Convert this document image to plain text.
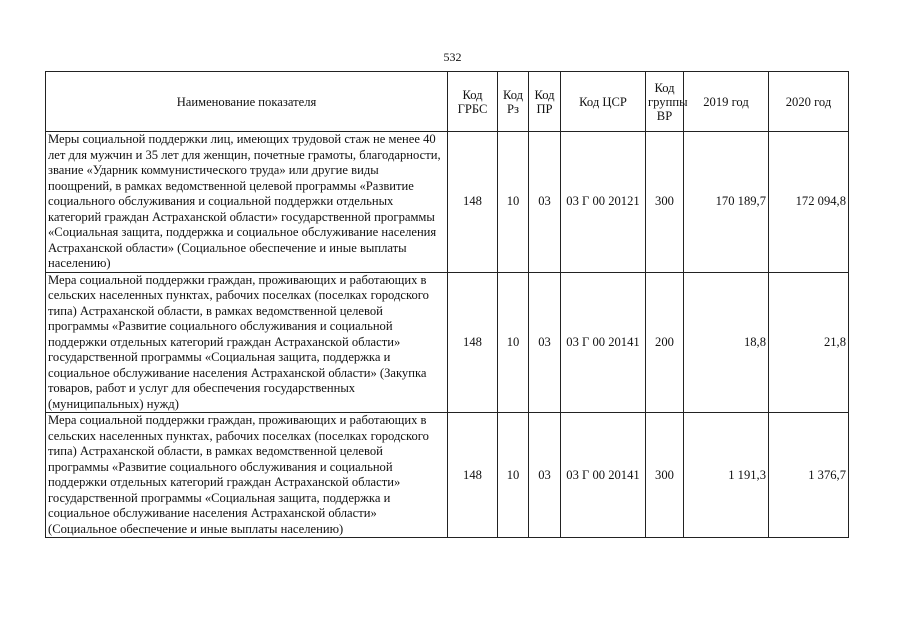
532
Наименование показателя	Код ГРБС	Код Рз	Код ПР	Код ЦСР	Код группы ВР	2019 год	2020 год
Меры социальной поддержки лиц, имеющих трудовой стаж не менее 40 лет для мужчин и 35 лет для женщин, почетные грамоты, благодарности, звание «Ударник коммунистического труда» или другие виды поощрений, в рамках ведомственной целевой программы «Развитие социального обслуживания и социальной поддержки отдельных категорий граждан Астраханской области» государственной программы «Социальная защита, поддержка и социальное обслуживание населения Астраханской области» (Социальное обеспечение и иные выплаты населению)	148	10	03	03 Г 00 20121	300	170 189,7	172 094,8
Мера социальной поддержки граждан, проживающих и работающих в сельских населенных пунктах, рабочих поселках (поселках городского типа) Астраханской области, в рамках ведомственной целевой программы «Развитие социального обслуживания и социальной поддержки отдельных категорий граждан Астраханской области» государственной программы «Социальная защита, поддержка и социальное обслуживание населения Астраханской области» (Закупка товаров, работ и услуг для обеспечения государственных (муниципальных) нужд)	148	10	03	03 Г 00 20141	200	18,8	21,8
Мера социальной поддержки граждан, проживающих и работающих в сельских населенных пунктах, рабочих поселках (поселках городского типа) Астраханской области, в рамках ведомственной целевой программы «Развитие социального обслуживания и социальной поддержки отдельных категорий граждан Астраханской области» государственной программы «Социальная защита, поддержка и социальное обслуживание населения Астраханской области» (Социальное обеспечение и иные выплаты населению)	148	10	03	03 Г 00 20141	300	1 191,3	1 376,7
